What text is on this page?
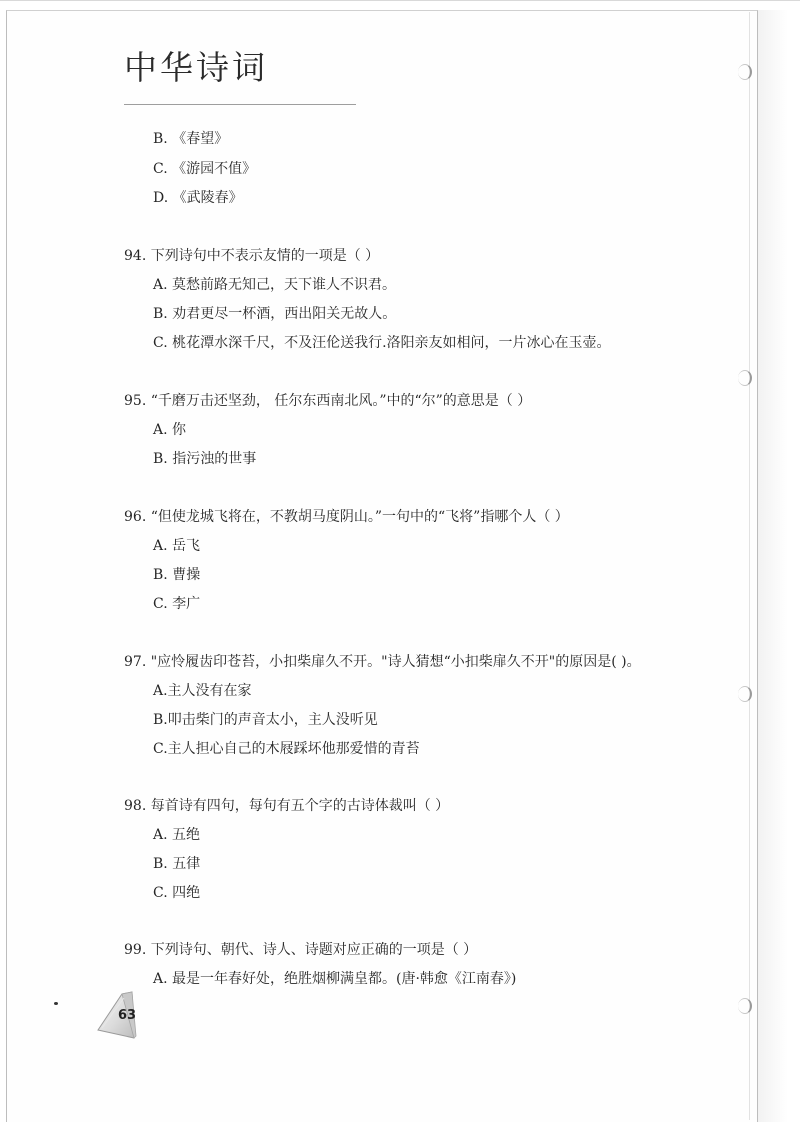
中华诗词
B. 《春望》
C. 《游园不值》
D. 《武陵春》
94. 下列诗句中不表示友情的一项是（ ）
A. 莫愁前路无知己，天下谁人不识君。
B. 劝君更尽一杯酒，西出阳关无故人。
C. 桃花潭水深千尺，不及汪伦送我行.洛阳亲友如相问，一片冰心在玉壶。
95. “千磨万击还坚劲， 任尔东西南北风。”中的“尔”的意思是（ ）
A. 你
B. 指污浊的世事
96. “但使龙城飞将在，不教胡马度阴山。”一句中的“飞将”指哪个人（ ）
A. 岳飞
B. 曹操
C. 李广
97. "应怜履齿印苍苔，小扣柴扉久不开。"诗人猜想“小扣柴扉久不开"的原因是( )。
A.主人没有在家
B.叩击柴门的声音太小，主人没听见
C.主人担心自己的木屐踩坏他那爱惜的青苔
98. 每首诗有四句，每句有五个字的古诗体裁叫（ ）
A. 五绝
B. 五律
C. 四绝
99. 下列诗句、朝代、诗人、诗题对应正确的一项是（ ）
A. 最是一年春好处，绝胜烟柳满皇都。(唐·韩愈《江南春》)
63
